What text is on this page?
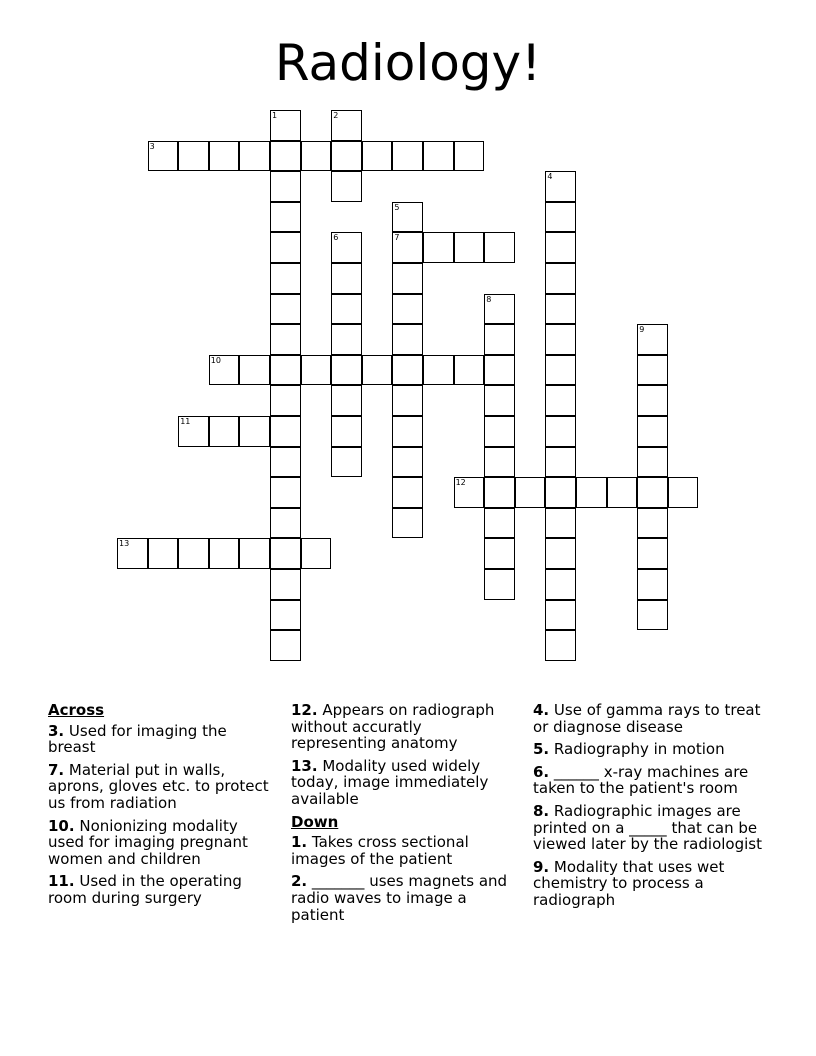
Radiology!
3
7
10
11
12
13
1	2
4
5
6
8
9
Across
3. Used for imaging the breast
7. Material put in walls, aprons, gloves etc. to protect us from radiation
10. Nonionizing modality used for imaging pregnant women and children
11. Used in the operating room during surgery
12. Appears on radiograph without accuratly representing anatomy
13. Modality used widely today, image immediately available
Down
1. Takes cross sectional images of the patient
2. _______ uses magnets and radio waves to image a patient
4. Use of gamma rays to treat or diagnose disease
5. Radiography in motion
6. ______ x-ray machines are taken to the patient's room
8. Radiographic images are printed on a _____ that can be viewed later by the radiologist
9. Modality that uses wet chemistry to process a radiograph
